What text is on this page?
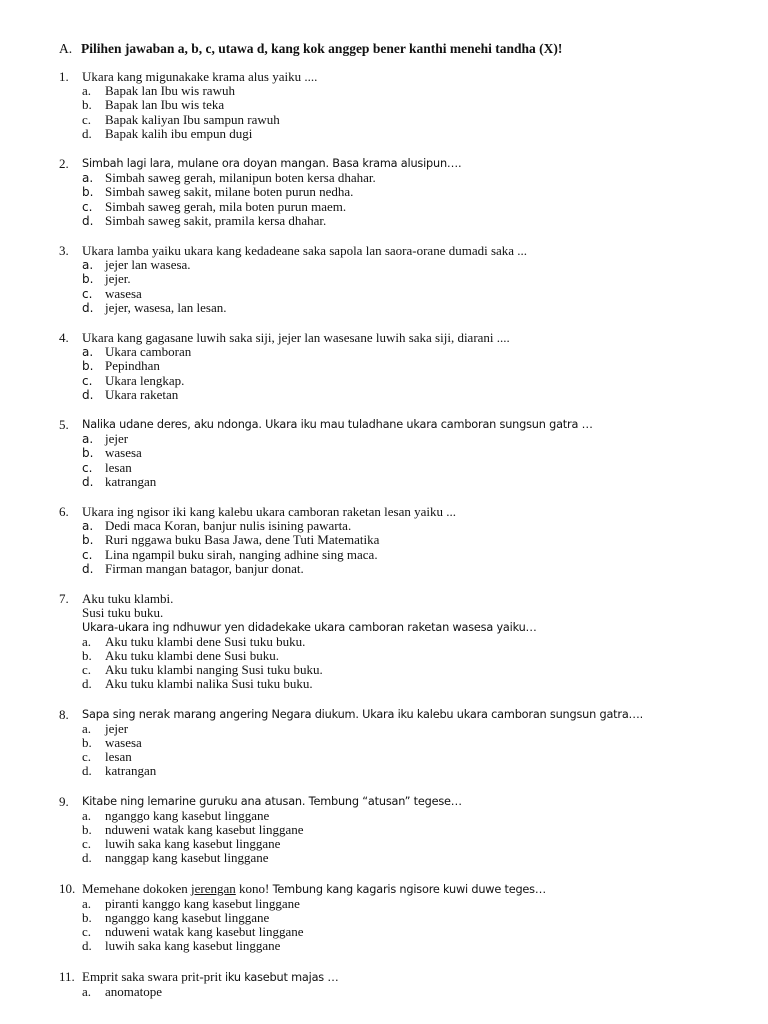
A. Pilihen jawaban a, b, c, utawa d, kang kok anggep bener kanthi menehi tandha (X)!
1.	Ukara kang migunakake krama alus yaiku ....
a.	Bapak lan Ibu wis rawuh
b.	Bapak lan Ibu wis teka
c.	Bapak kaliyan Ibu sampun rawuh
d.	Bapak kalih ibu empun dugi
2.	Simbah lagi lara, mulane ora doyan mangan. Basa krama alusipun….
a. Simbah saweg gerah, milanipun boten kersa dhahar.
b. Simbah saweg sakit, milane boten purun nedha.
c. Simbah saweg gerah, mila boten purun maem.
d. Simbah saweg sakit, pramila kersa dhahar.
3.	Ukara lamba yaiku ukara kang kedadeane saka sapola lan saora-orane dumadi saka ...
a. jejer lan wasesa.
b. jejer.
c. wasesa
d. jejer, wasesa, lan lesan.
4.	Ukara kang gagasane luwih saka siji, jejer lan wasesane luwih saka siji, diarani ....
a. Ukara camboran
b. Pepindhan
c. Ukara lengkap.
d. Ukara raketan
5.	Nalika udane deres, aku ndonga. Ukara iku mau tuladhane ukara camboran sungsun gatra …
a. jejer
b. wasesa
c. lesan
d. katrangan
6.	Ukara ing ngisor iki kang kalebu ukara camboran raketan lesan yaiku ...
a. Dedi maca Koran, banjur nulis isining pawarta.
b. Ruri nggawa buku Basa Jawa, dene Tuti Matematika
c. Lina ngampil buku sirah, nanging adhine sing maca.
d. Firman mangan batagor, banjur donat.
7.	Aku tuku klambi.
Susi tuku buku.
Ukara-ukara ing ndhuwur yen didadekake ukara camboran raketan wasesa yaiku…
a.	Aku tuku klambi dene Susi tuku buku.
b.	Aku tuku klambi dene Susi buku.
c.	Aku tuku klambi nanging Susi tuku buku.
d.	Aku tuku klambi nalika Susi tuku buku.
8.	Sapa sing nerak marang angering Negara diukum. Ukara iku kalebu ukara camboran sungsun gatra….
a.	jejer
b.	wasesa
c.	lesan
d.	katrangan
9.	Kitabe ning lemarine guruku ana atusan. Tembung “atusan” tegese…
a.	nganggo kang kasebut linggane
b.	nduweni watak kang kasebut linggane
c.	luwih saka kang kasebut linggane
d.	nanggap kang kasebut linggane
10. Memehane dokoken jerengan kono! Tembung kang kagaris ngisore kuwi duwe teges…
a.	piranti kanggo kang kasebut linggane
b.	nganggo kang kasebut linggane
c.	nduweni watak kang kasebut linggane
d.	luwih saka kang kasebut linggane
11. Emprit saka swara prit-prit iku kasebut majas …
a.	anomatope
